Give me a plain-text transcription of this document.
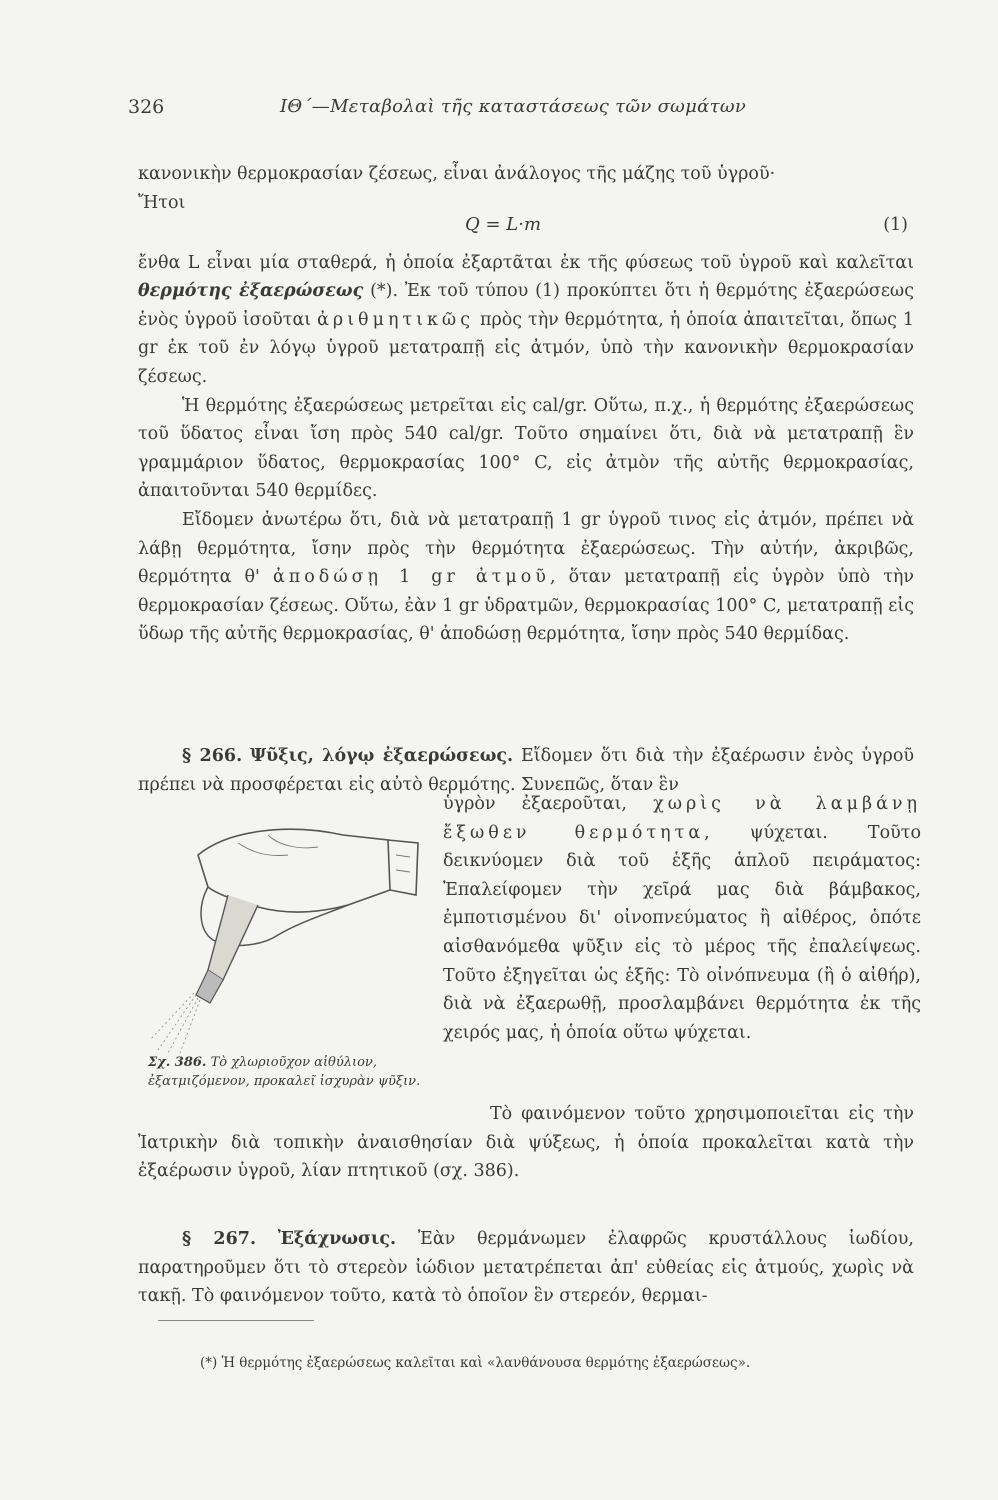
326	ΙΘ΄—Μεταβολαὶ τῆς καταστάσεως τῶν σωμάτων

κανονικὴν θερμοκρασίαν ζέσεως, εἶναι ἀνάλογος τῆς μάζης τοῦ ὑγροῦ·

Ἤτοι
Q = L·m	(1)

ἔνθα L εἶναι μία σταθερά, ἡ ὁποία ἐξαρτᾶται ἐκ τῆς φύσεως τοῦ ὑγροῦ καὶ καλεῖται θερμότης ἐξαερώσεως (*). Ἐκ τοῦ τύπου (1) προκύπτει ὅτι ἡ θερμότης ἐξαερώσεως ἑνὸς ὑγροῦ ἰσοῦται ἀριθμητικῶς πρὸς τὴν θερμότητα, ἡ ὁποία ἀπαιτεῖται, ὅπως 1 gr ἐκ τοῦ ἐν λόγῳ ὑγροῦ μετατραπῇ εἰς ἀτμόν, ὑπὸ τὴν κανονικὴν θερμοκρασίαν ζέσεως.

Ἡ θερμότης ἐξαερώσεως μετρεῖται εἰς cal/gr. Οὕτω, π.χ., ἡ θερμότης ἐξαερώσεως τοῦ ὕδατος εἶναι ἴση πρὸς 540 cal/gr. Τοῦτο σημαίνει ὅτι, διὰ νὰ μετατραπῇ ἓν γραμμάριον ὕδατος, θερμοκρασίας 100° C, εἰς ἀτμὸν τῆς αὐτῆς θερμοκρασίας, ἀπαιτοῦνται 540 θερμίδες.

Εἴδομεν ἀνωτέρω ὅτι, διὰ νὰ μετατραπῇ 1 gr ὑγροῦ τινος εἰς ἀτμόν, πρέπει νὰ λάβῃ θερμότητα, ἴσην πρὸς τὴν θερμότητα ἐξαερώσεως. Τὴν αὐτήν, ἀκριβῶς, θερμότητα θ' ἀποδώσῃ 1 gr ἀτμοῦ, ὅταν μετατραπῇ εἰς ὑγρὸν ὑπὸ τὴν θερμοκρασίαν ζέσεως. Οὕτω, ἐὰν 1 gr ὑδρατμῶν, θερμοκρασίας 100° C, μετατραπῇ εἰς ὕδωρ τῆς αὐτῆς θερμοκρασίας, θ' ἀποδώσῃ θερμότητα, ἴσην πρὸς 540 θερμίδας.

§ 266. Ψῦξις, λόγῳ ἐξαερώσεως. Εἴδομεν ὅτι διὰ τὴν ἐξαέρωσιν ἑνὸς ὑγροῦ πρέπει νὰ προσφέρεται εἰς αὐτὸ θερμότης. Συνεπῶς, ὅταν ἓν

Σχ. 386. Τὸ χλωριοῦχον αἰθύλιον, ἐξατμιζόμενον, προκαλεῖ ἰσχυρὰν ψῦξιν.

ὑγρὸν ἐξαεροῦται, χωρὶς νὰ λαμβάνῃ ἔξωθεν θερμότητα, ψύχεται. Τοῦτο δεικνύομεν διὰ τοῦ ἑξῆς ἁπλοῦ πειράματος: Ἐπαλείφομεν τὴν χεῖρά μας διὰ βάμβακος, ἐμποτισμένου δι' οἰνοπνεύματος ἢ αἰθέρος, ὁπότε αἰσθανόμεθα ψῦξιν εἰς τὸ μέρος τῆς ἐπαλείψεως. Τοῦτο ἐξηγεῖται ὡς ἑξῆς: Τὸ οἰνόπνευμα (ἢ ὁ αἰθήρ), διὰ νὰ ἐξαερωθῇ, προσλαμβάνει θερμότητα ἐκ τῆς χειρός μας, ἡ ὁποία οὕτω ψύχεται.

Τὸ φαινόμενον τοῦτο χρησιμοποιεῖται εἰς τὴν Ἰατρικὴν διὰ τοπικὴν ἀναισθησίαν διὰ ψύξεως, ἡ ὁποία προκαλεῖται κατὰ τὴν ἐξαέρωσιν ὑγροῦ, λίαν πτητικοῦ (σχ. 386).

§ 267. Ἐξάχνωσις. Ἐὰν θερμάνωμεν ἐλαφρῶς κρυστάλλους ἰωδίου, παρατηροῦμεν ὅτι τὸ στερεὸν ἰώδιον μετατρέπεται ἀπ' εὐθείας εἰς ἀτμούς, χωρὶς νὰ τακῇ. Τὸ φαινόμενον τοῦτο, κατὰ τὸ ὁποῖον ἓν στερεόν, θερμαι-

(*) Ἡ θερμότης ἐξαερώσεως καλεῖται καὶ «λανθάνουσα θερμότης ἐξαερώσεως».
